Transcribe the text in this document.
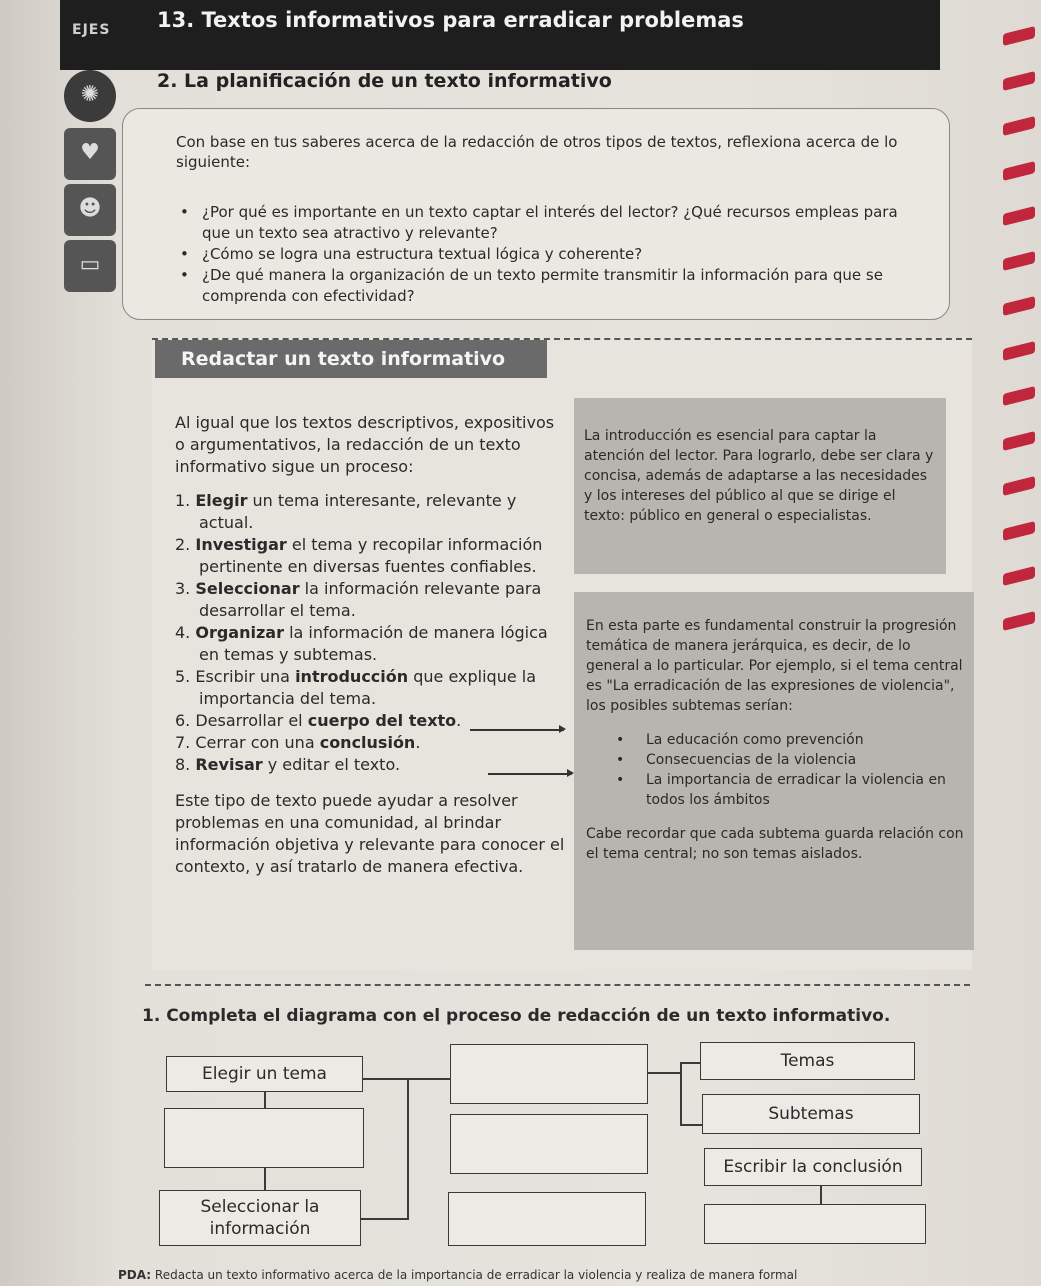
EJES 13. Textos informativos para erradicar problemas
2. La planificación de un texto informativo
✺
♥
☻
▭
Con base en tus saberes acerca de la redacción de otros tipos de textos, reflexiona acerca de lo siguiente:
• ¿Por qué es importante en un texto captar el interés del lector? ¿Qué recursos empleas para que un texto sea atractivo y relevante?
• ¿Cómo se logra una estructura textual lógica y coherente?
• ¿De qué manera la organización de un texto permite transmitir la información para que se comprenda con efectividad?
Redactar un texto informativo

Al igual que los textos descriptivos, expositivos o argumentativos, la redacción de un texto informativo sigue un proceso:

1. Elegir un tema interesante, relevante y actual.
2. Investigar el tema y recopilar información pertinente en diversas fuentes confiables.
3. Seleccionar la información relevante para desarrollar el tema.
4. Organizar la información de manera lógica en temas y subtemas.
5. Escribir una introducción que explique la importancia del tema.
6. Desarrollar el cuerpo del texto.
7. Cerrar con una conclusión.
8. Revisar y editar el texto.

Este tipo de texto puede ayudar a resolver problemas en una comunidad, al brindar información objetiva y relevante para conocer el contexto, y así tratarlo de manera efectiva.

La introducción es esencial para captar la atención del lector. Para lograrlo, debe ser clara y concisa, además de adaptarse a las necesidades y los intereses del público al que se dirige el texto: público en general o especialistas.

En esta parte es fundamental construir la progresión temática de manera jerárquica, es decir, de lo general a lo particular. Por ejemplo, si el tema central es "La erradicación de las expresiones de violencia", los posibles subtemas serían:

• La educación como prevención
• Consecuencias de la violencia
• La importancia de erradicar la violencia en todos los ámbitos

Cabe recordar que cada subtema guarda relación con el tema central; no son temas aislados.

1. Completa el diagrama con el proceso de redacción de un texto informativo.
Elegir un tema
Seleccionar la información
Temas
Subtemas
Escribir la conclusión
PDA: Redacta un texto informativo acerca de la importancia de erradicar la violencia y realiza de manera formal
